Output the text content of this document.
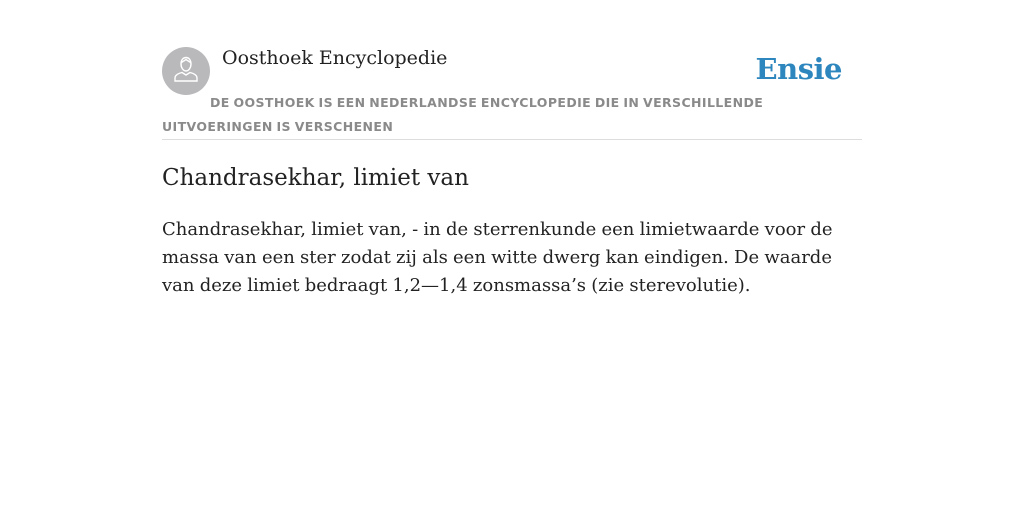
Oosthoek Encyclopedie	Ensie
DE OOSTHOEK IS EEN NEDERLANDSE ENCYCLOPEDIE DIE IN VERSCHILLENDE UITVOERINGEN IS VERSCHENEN
Chandrasekhar, limiet van

Chandrasekhar, limiet van, - in de sterrenkunde een limietwaarde voor de massa van een ster zodat zij als een witte dwerg kan eindigen. De waarde van deze limiet bedraagt 1,2—1,4 zonsmassa’s (zie sterevolutie).
